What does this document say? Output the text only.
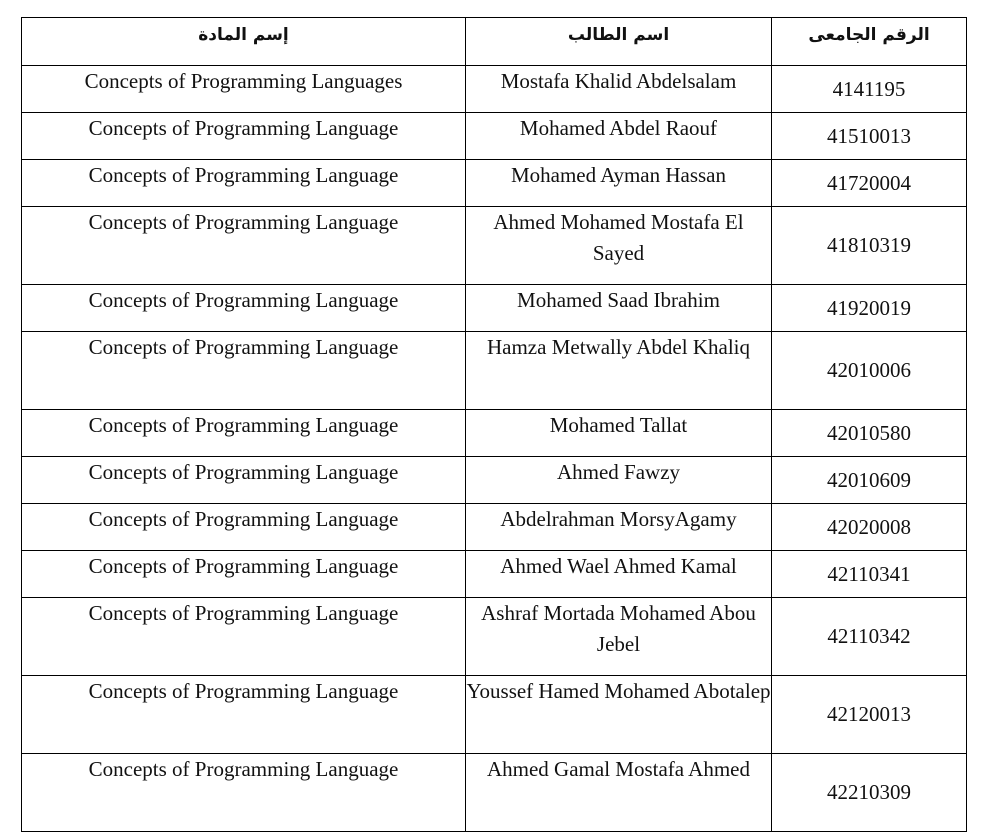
إسم المادة	اسم الطالب	الرقم الجامعى
Concepts of Programming Languages	Mostafa Khalid Abdelsalam	4141195
Concepts of Programming Language	Mohamed Abdel Raouf	41510013
Concepts of Programming Language	Mohamed Ayman Hassan	41720004
Concepts of Programming Language	Ahmed Mohamed Mostafa El Sayed	41810319
Concepts of Programming Language	Mohamed Saad Ibrahim	41920019
Concepts of Programming Language	Hamza Metwally Abdel Khaliq	42010006
Concepts of Programming Language	Mohamed Tallat	42010580
Concepts of Programming Language	Ahmed Fawzy	42010609
Concepts of Programming Language	Abdelrahman MorsyAgamy	42020008
Concepts of Programming Language	Ahmed Wael Ahmed Kamal	42110341
Concepts of Programming Language	Ashraf Mortada Mohamed Abou Jebel	42110342
Concepts of Programming Language	Youssef Hamed Mohamed Abotalep	42120013
Concepts of Programming Language	Ahmed Gamal Mostafa Ahmed	42210309
